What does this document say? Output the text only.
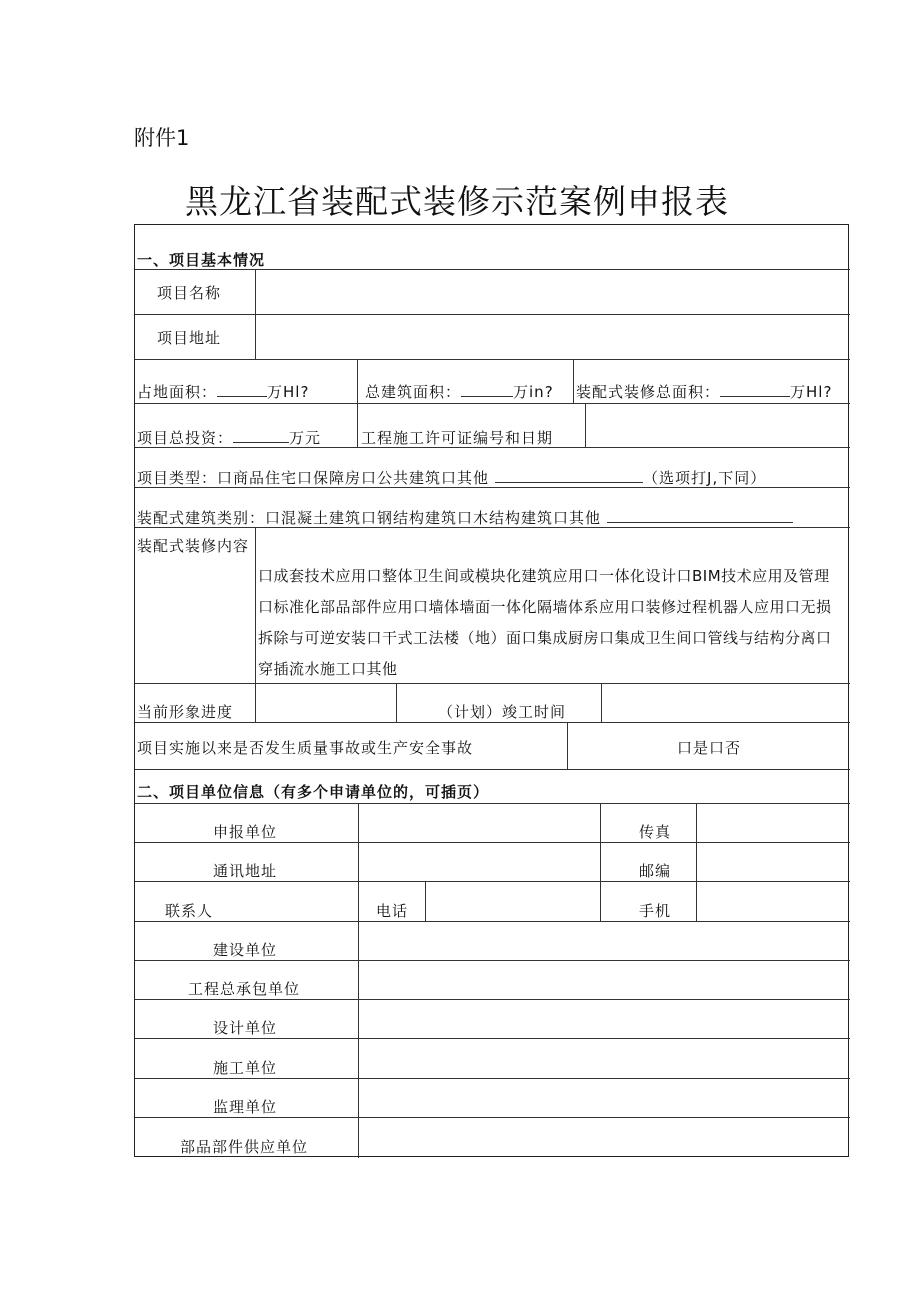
附件1
黑龙江省装配式装修示范案例申报表
一、项目基本情况
项目名称
项目地址
占地面积：	万Hl?	总建筑面积：	万in? 装配式装修总面积：	万Hl?
项目总投资：	万元	工程施工许可证编号和日期
项目类型：口商品住宅口保障房口公共建筑口其他	（选项打J,下同）
装配式建筑类别：口混凝土建筑口钢结构建筑口木结构建筑口其他
装配式装修内容
口成套技术应用口整体卫生间或模块化建筑应用口一体化设计口BIM技术应用及管理口标准化部品部件应用口墙体墙面一体化隔墙体系应用口装修过程机器人应用口无损拆除与可逆安装口干式工法楼（地）面口集成厨房口集成卫生间口管线与结构分离口穿插流水施工口其他
当前形象进度	（计划）竣工时间
项目实施以来是否发生质量事故或生产安全事故	口是口否
二、项目单位信息（有多个申请单位的，可插页）
申报单位	传真
通讯地址	邮编
联系人	电话	手机
建设单位
工程总承包单位
设计单位
施工单位
监理单位
部品部件供应单位
